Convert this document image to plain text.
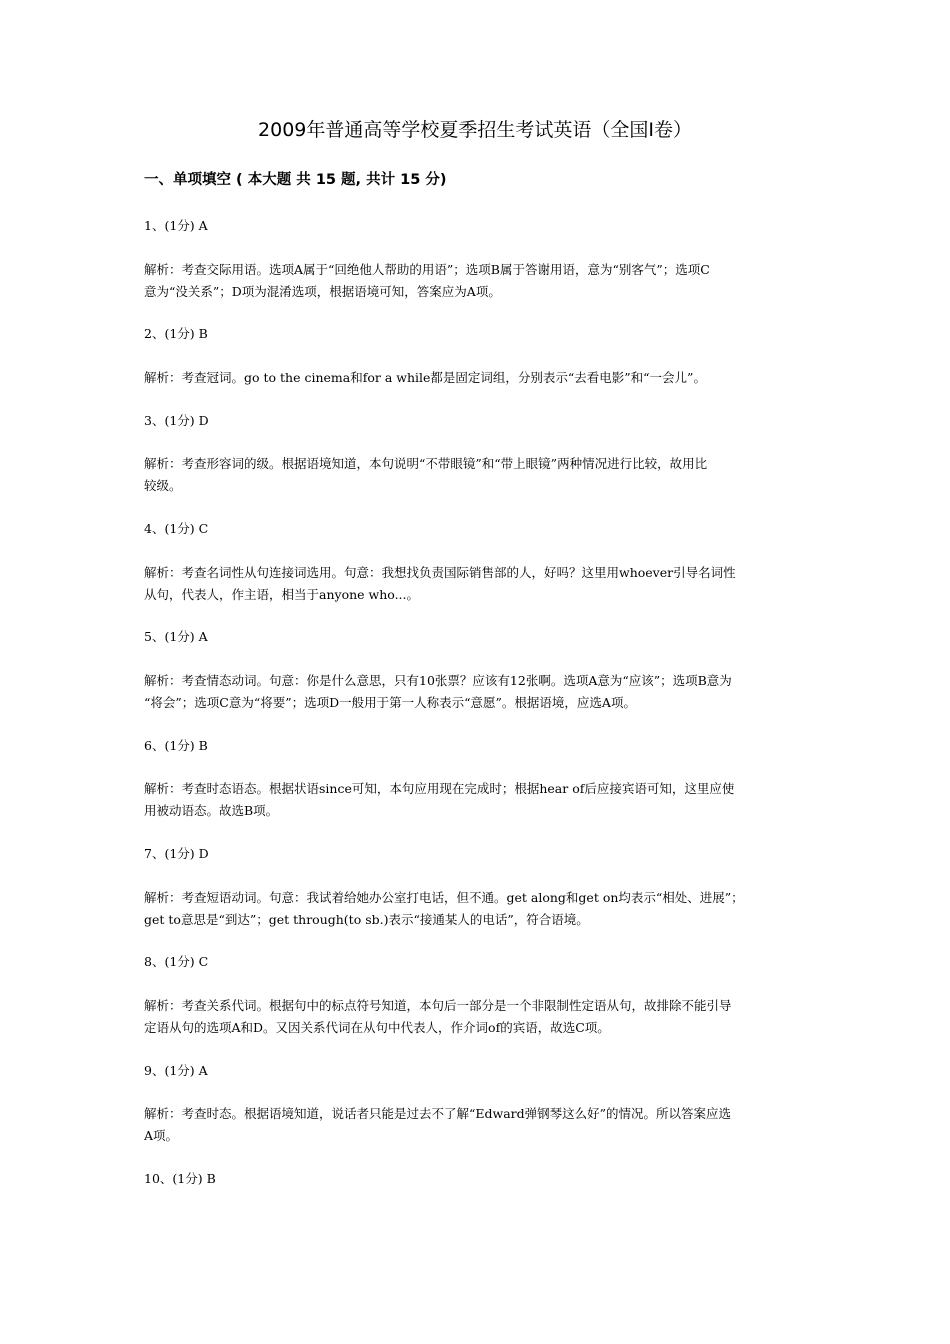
2009年普通高等学校夏季招生考试英语（全国Ⅰ卷）
一、单项填空 ( 本大题 共 15 题, 共计 15 分)
1、(1分) A
解析：考查交际用语。选项A属于“回绝他人帮助的用语”；选项B属于答谢用语，意为“别客气”；选项C
意为“没关系”；D项为混淆选项，根据语境可知，答案应为A项。
2、(1分) B
解析：考查冠词。go to the cinema和for a while都是固定词组，分别表示“去看电影”和“一会儿”。
3、(1分) D
解析：考查形容词的级。根据语境知道，本句说明“不带眼镜”和“带上眼镜”两种情况进行比较，故用比
较级。
4、(1分) C
解析：考查名词性从句连接词选用。句意：我想找负责国际销售部的人，好吗？这里用whoever引导名词性
从句，代表人，作主语，相当于anyone who...。
5、(1分) A
解析：考查情态动词。句意：你是什么意思，只有10张票？应该有12张啊。选项A意为“应该”；选项B意为
“将会”；选项C意为“将要”；选项D一般用于第一人称表示“意愿”。根据语境，应选A项。
6、(1分) B
解析：考查时态语态。根据状语since可知，本句应用现在完成时；根据hear of后应接宾语可知，这里应使
用被动语态。故选B项。
7、(1分) D
解析：考查短语动词。句意：我试着给她办公室打电话，但不通。get along和get on均表示“相处、进展”；
get to意思是“到达”；get through(to sb.)表示“接通某人的电话”，符合语境。
8、(1分) C
解析：考查关系代词。根据句中的标点符号知道，本句后一部分是一个非限制性定语从句，故排除不能引导
定语从句的选项A和D。又因关系代词在从句中代表人，作介词of的宾语，故选C项。
9、(1分) A
解析：考查时态。根据语境知道，说话者只能是过去不了解“Edward弹钢琴这么好”的情况。所以答案应选
A项。
10、(1分) B
